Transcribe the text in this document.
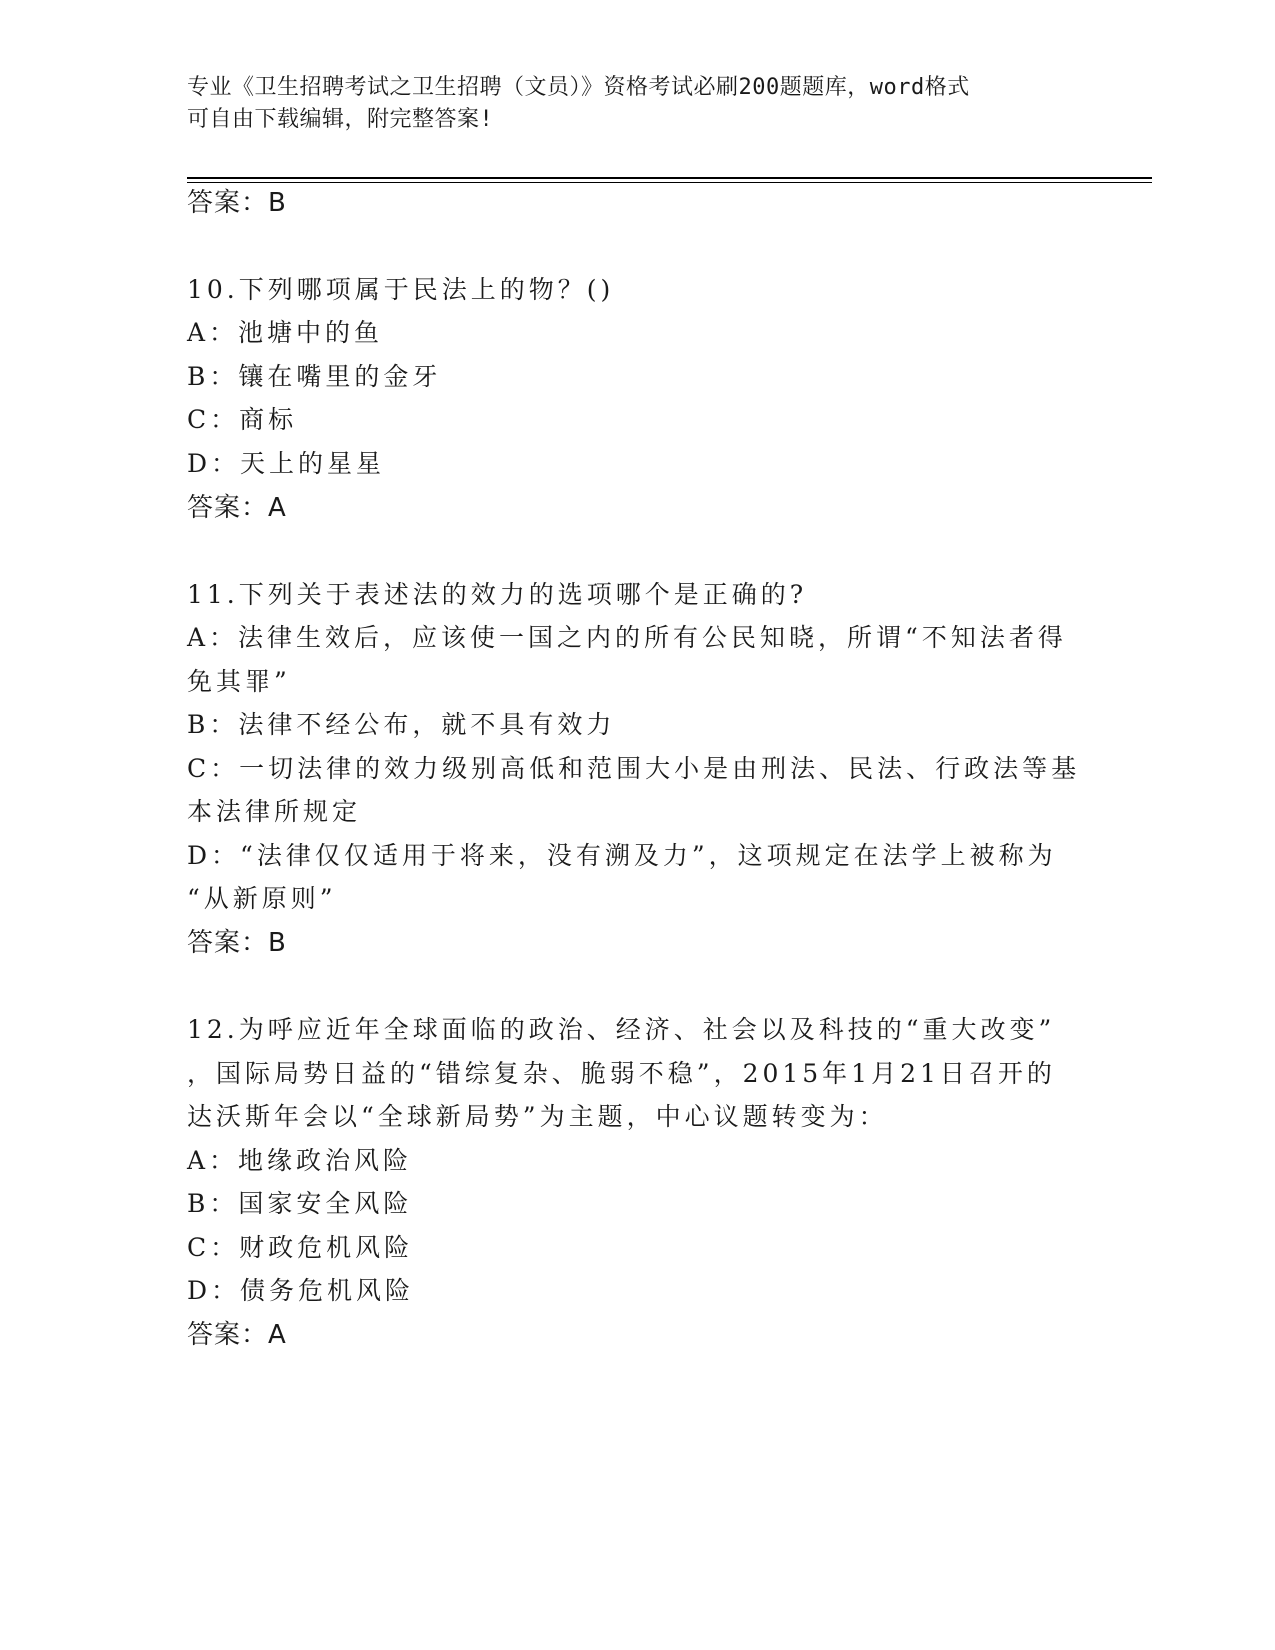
专业《卫生招聘考试之卫生招聘（文员）》资格考试必刷200题题库，word格式
可自由下载编辑，附完整答案!
答案：B
10.下列哪项属于民法上的物？()
A：池塘中的鱼
B：镶在嘴里的金牙
C：商标
D：天上的星星
答案：A
11.下列关于表述法的效力的选项哪个是正确的?
A：法律生效后，应该使一国之内的所有公民知晓，所谓“不知法者得
免其罪”
B：法律不经公布，就不具有效力
C：一切法律的效力级别高低和范围大小是由刑法、民法、行政法等基
本法律所规定
D：“法律仅仅适用于将来，没有溯及力”，这项规定在法学上被称为
“从新原则”
答案：B
12.为呼应近年全球面临的政治、经济、社会以及科技的“重大改变”
，国际局势日益的“错综复杂、脆弱不稳”，2015年1月21日召开的
达沃斯年会以“全球新局势”为主题，中心议题转变为：
A：地缘政治风险
B：国家安全风险
C：财政危机风险
D：债务危机风险
答案：A
